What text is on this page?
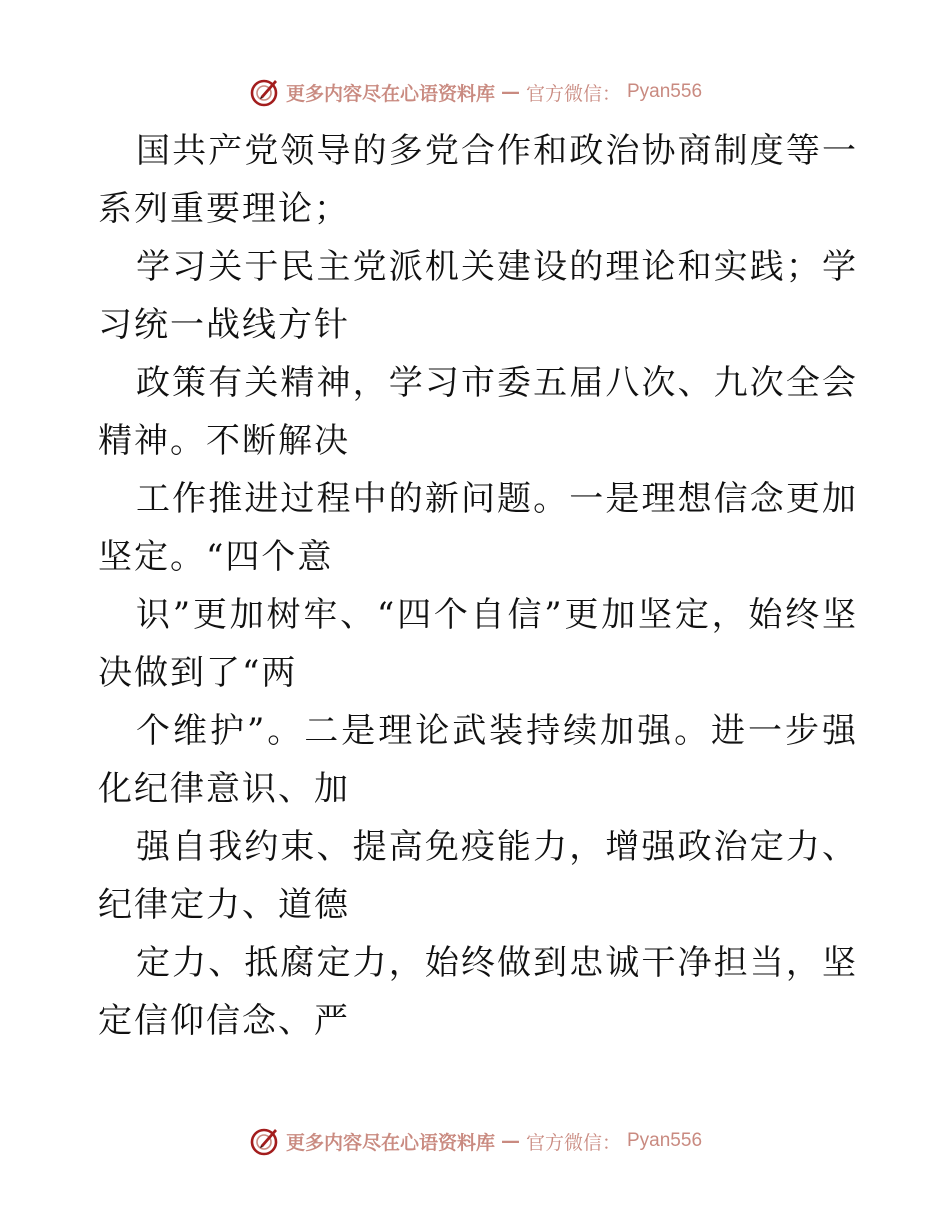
更多内容尽在心语资料库 — 官方微信： Pyan556

国共产党领导的多党合作和政治协商制度等一系列重要理论；

学习关于民主党派机关建设的理论和实践；学习统一战线方针

政策有关精神，学习市委五届八次、九次全会精神。不断解决

工作推进过程中的新问题。一是理想信念更加坚定。“四个意

识”更加树牢、“四个自信”更加坚定，始终坚决做到了“两

个维护”。二是理论武装持续加强。进一步强化纪律意识、加

强自我约束、提高免疫能力，增强政治定力、纪律定力、道德

定力、抵腐定力，始终做到忠诚干净担当，坚定信仰信念、严

更多内容尽在心语资料库 — 官方微信： Pyan556
